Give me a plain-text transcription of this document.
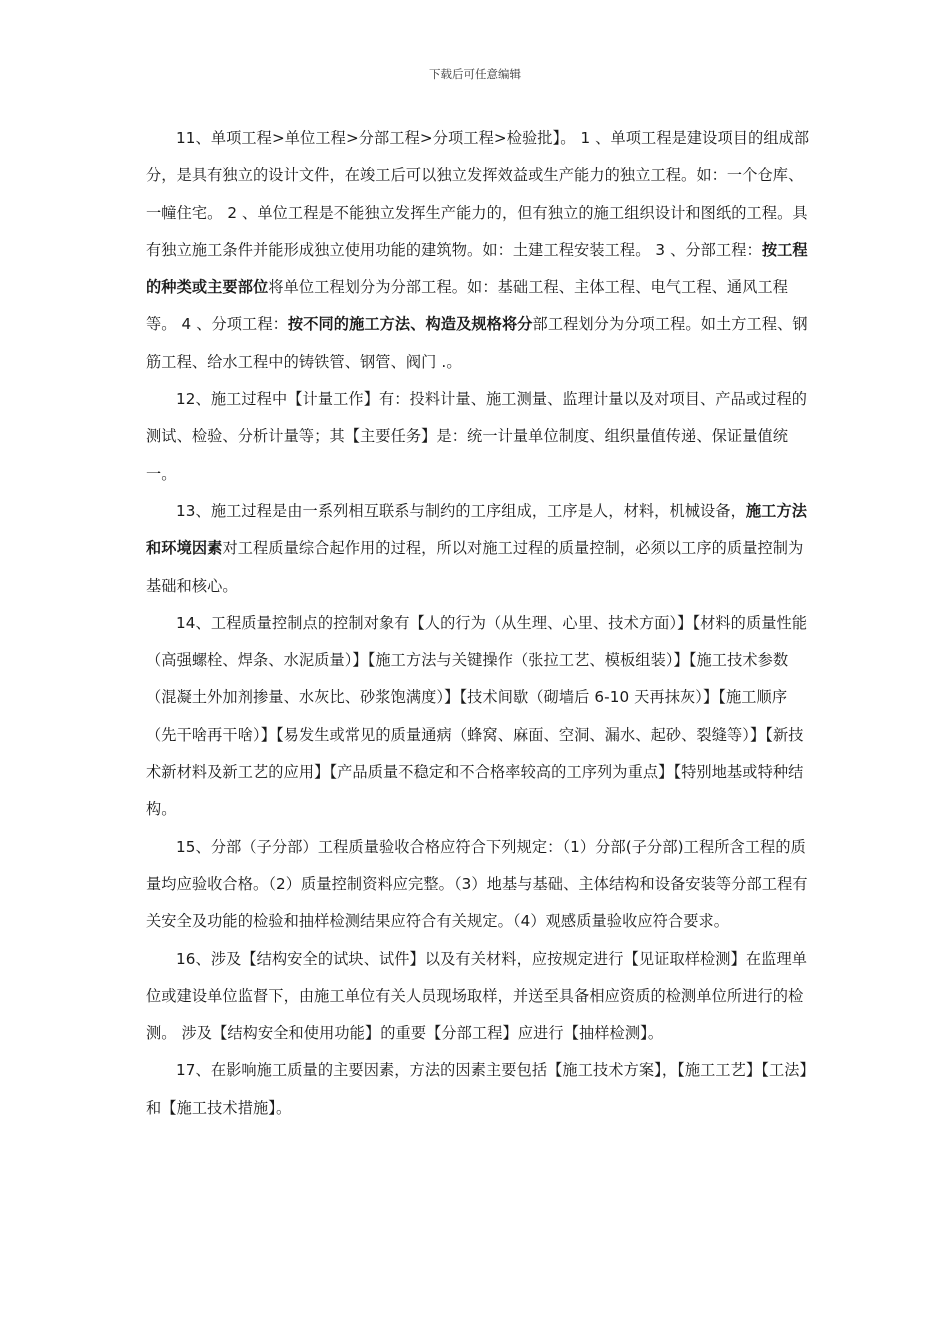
下载后可任意编辑

11、单项工程>单位工程>分部工程>分项工程>检验批】。 1 、单项工程是建设项目的组成部分，是具有独立的设计文件，在竣工后可以独立发挥效益或生产能力的独立工程。如：一个仓库、一幢住宅。 2 、单位工程是不能独立发挥生产能力的，但有独立的施工组织设计和图纸的工程。具有独立施工条件并能形成独立使用功能的建筑物。如：土建工程安装工程。 3 、分部工程：按工程的种类或主要部位将单位工程划分为分部工程。如：基础工程、主体工程、电气工程、通风工程等。 4 、分项工程：按不同的施工方法、构造及规格将分部工程划分为分项工程。如土方工程、钢筋工程、给水工程中的铸铁管、钢管、阀门 .。

12、施工过程中【计量工作】有：投料计量、施工测量、监理计量以及对项目、产品或过程的测试、检验、分析计量等；其【主要任务】是：统一计量单位制度、组织量值传递、保证量值统一。

13、施工过程是由一系列相互联系与制约的工序组成，工序是人，材料，机械设备，施工方法和环境因素对工程质量综合起作用的过程，所以对施工过程的质量控制，必须以工序的质量控制为基础和核心。

14、工程质量控制点的控制对象有【人的行为（从生理、心里、技术方面）】【材料的质量性能（高强螺栓、焊条、水泥质量）】【施工方法与关键操作（张拉工艺、模板组装）】【施工技术参数（混凝土外加剂掺量、水灰比、砂浆饱满度）】【技术间歇（砌墙后 6-10 天再抹灰）】【施工顺序（先干啥再干啥）】【易发生或常见的质量通病（蜂窝、麻面、空洞、漏水、起砂、裂缝等）】【新技术新材料及新工艺的应用】【产品质量不稳定和不合格率较高的工序列为重点】【特别地基或特种结构。

15、分部（子分部）工程质量验收合格应符合下列规定：（1）分部(子分部)工程所含工程的质量均应验收合格。（2）质量控制资料应完整。（3）地基与基础、主体结构和设备安装等分部工程有关安全及功能的检验和抽样检测结果应符合有关规定。（4）观感质量验收应符合要求。

16、涉及【结构安全的试块、试件】以及有关材料，应按规定进行【见证取样检测】在监理单位或建设单位监督下，由施工单位有关人员现场取样，并送至具备相应资质的检测单位所进行的检测。 涉及【结构安全和使用功能】的重要【分部工程】应进行【抽样检测】。

17、在影响施工质量的主要因素，方法的因素主要包括【施工技术方案】，【施工工艺】【工法】和【施工技术措施】。
